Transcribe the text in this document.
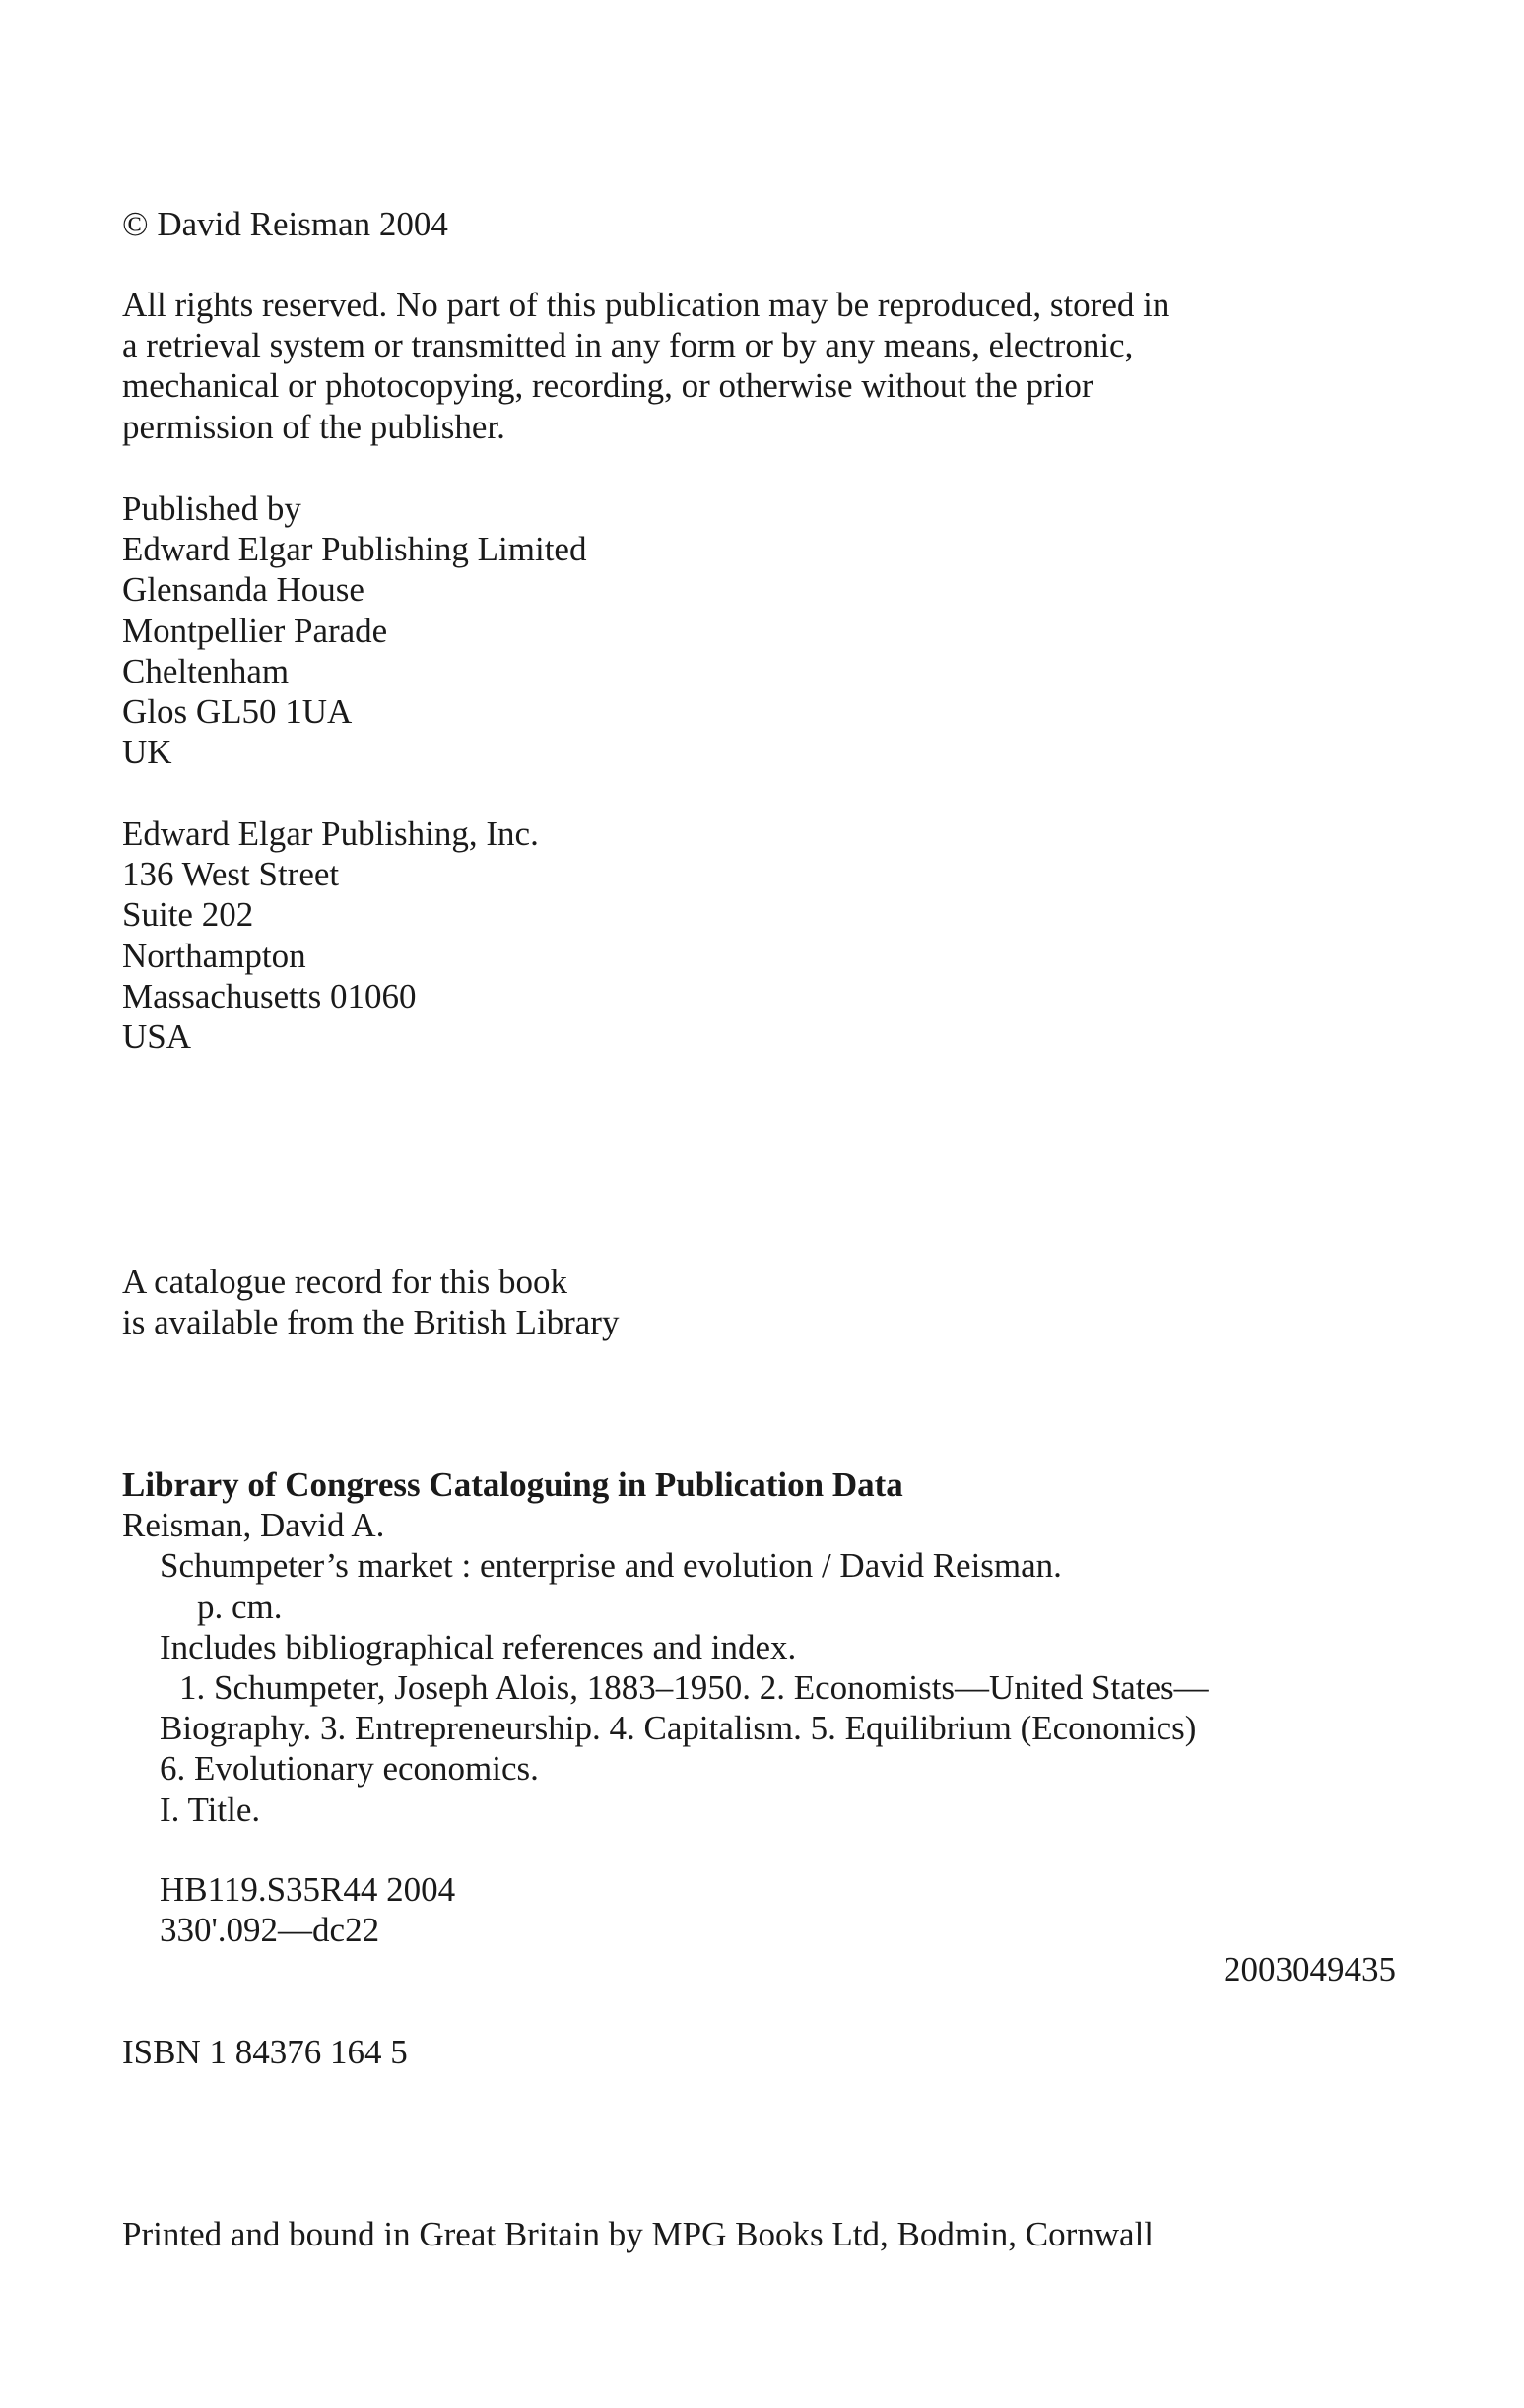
© David Reisman 2004

All rights reserved. No part of this publication may be reproduced, stored in
a retrieval system or transmitted in any form or by any means, electronic,
mechanical or photocopying, recording, or otherwise without the prior
permission of the publisher.

Published by
Edward Elgar Publishing Limited
Glensanda House
Montpellier Parade
Cheltenham
Glos GL50 1UA
UK

Edward Elgar Publishing, Inc.
136 West Street
Suite 202
Northampton
Massachusetts 01060
USA

A catalogue record for this book
is available from the British Library

Library of Congress Cataloguing in Publication Data
Reisman, David A.
Schumpeter’s market : enterprise and evolution / David Reisman.
p. cm.
Includes bibliographical references and index.
1. Schumpeter, Joseph Alois, 1883–1950. 2. Economists—United States—
Biography. 3. Entrepreneurship. 4. Capitalism. 5. Equilibrium (Economics)
6. Evolutionary economics.
I. Title.

HB119.S35R44 2004
330'.092—dc22

2003049435

ISBN 1 84376 164 5

Printed and bound in Great Britain by MPG Books Ltd, Bodmin, Cornwall
